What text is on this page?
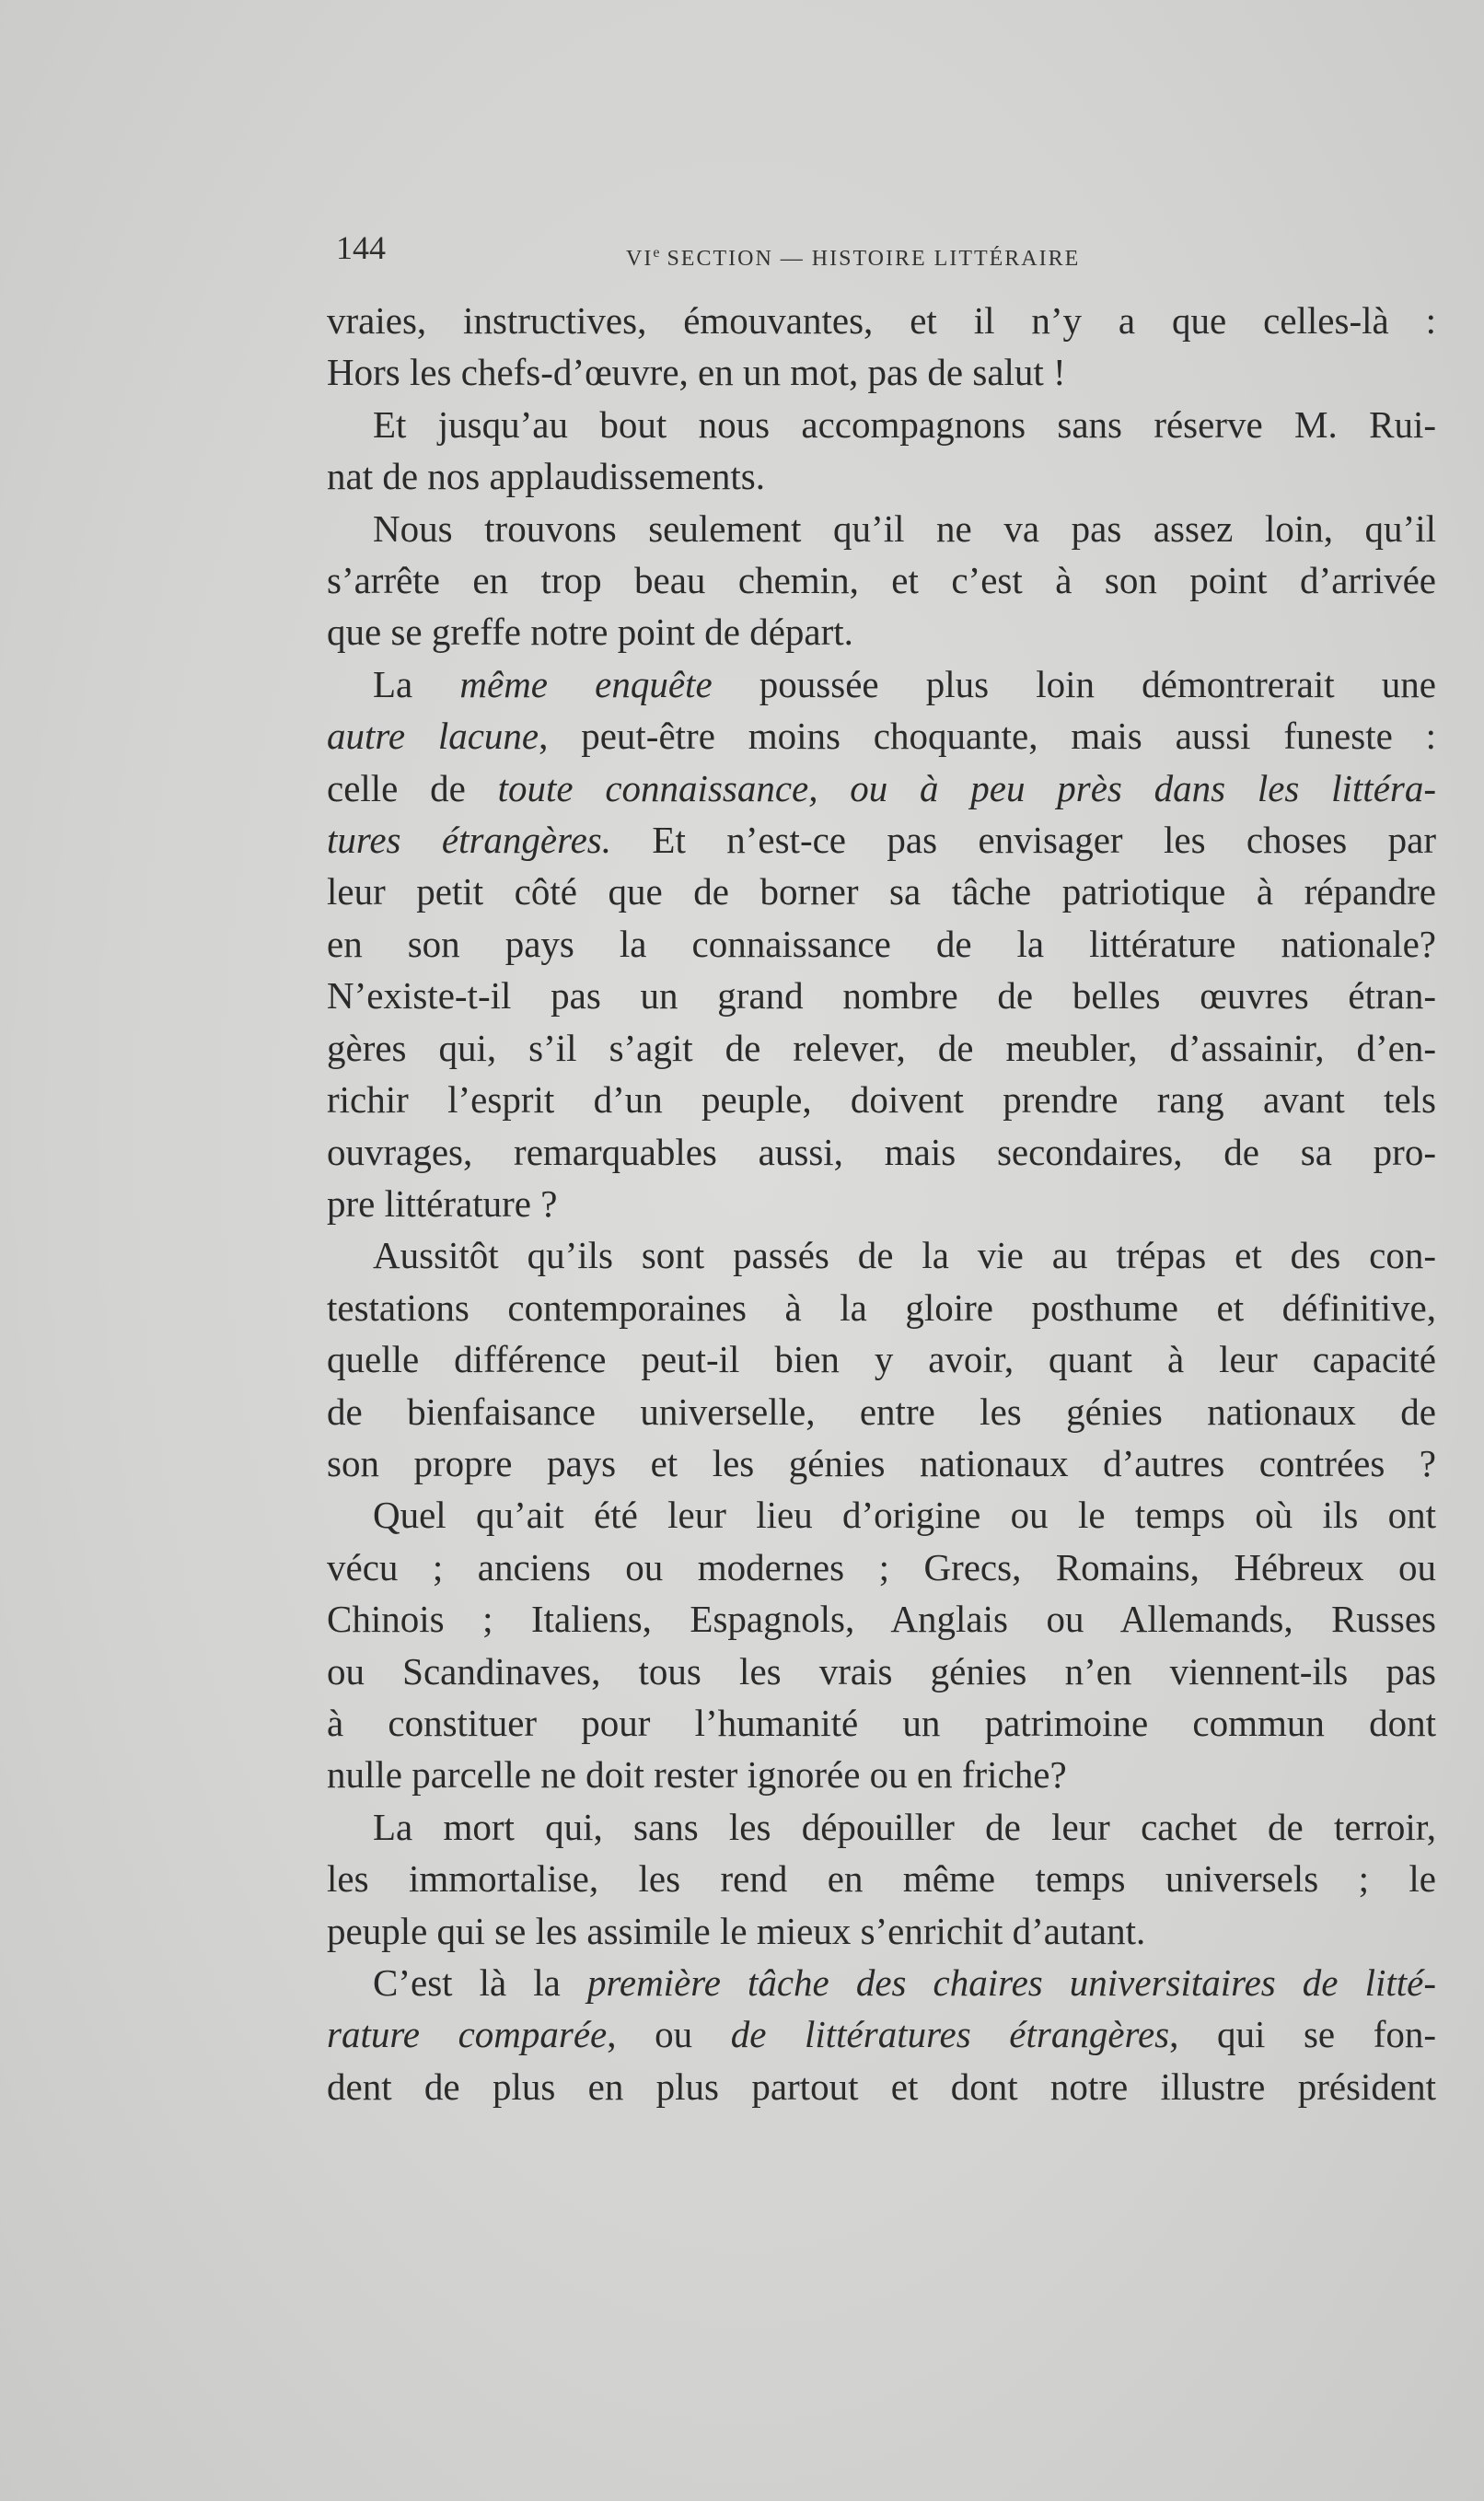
144	VIe SECTION — HISTOIRE LITTÉRAIRE
vraies, instructives, émouvantes, et il n’y a que celles-là :
Hors les chefs-d’œuvre, en un mot, pas de salut !
Et jusqu’au bout nous accompagnons sans réserve M. Rui-
nat de nos applaudissements.
Nous trouvons seulement qu’il ne va pas assez loin, qu’il
s’arrête en trop beau chemin, et c’est à son point d’arrivée
que se greffe notre point de départ.
La même enquête poussée plus loin démontrerait une
autre lacune, peut-être moins choquante, mais aussi funeste :
celle de toute connaissance, ou à peu près dans les littéra-
tures étrangères. Et n’est-ce pas envisager les choses par
leur petit côté que de borner sa tâche patriotique à répandre
en son pays la connaissance de la littérature nationale?
N’existe-t-il pas un grand nombre de belles œuvres étran-
gères qui, s’il s’agit de relever, de meubler, d’assainir, d’en-
richir l’esprit d’un peuple, doivent prendre rang avant tels
ouvrages, remarquables aussi, mais secondaires, de sa pro-
pre littérature ?
Aussitôt qu’ils sont passés de la vie au trépas et des con-
testations contemporaines à la gloire posthume et définitive,
quelle différence peut-il bien y avoir, quant à leur capacité
de bienfaisance universelle, entre les génies nationaux de
son propre pays et les génies nationaux d’autres contrées ?
Quel qu’ait été leur lieu d’origine ou le temps où ils ont
vécu ; anciens ou modernes ; Grecs, Romains, Hébreux ou
Chinois ; Italiens, Espagnols, Anglais ou Allemands, Russes
ou Scandinaves, tous les vrais génies n’en viennent-ils pas
à constituer pour l’humanité un patrimoine commun dont
nulle parcelle ne doit rester ignorée ou en friche?
La mort qui, sans les dépouiller de leur cachet de terroir,
les immortalise, les rend en même temps universels ; le
peuple qui se les assimile le mieux s’enrichit d’autant.
C’est là la première tâche des chaires universitaires de litté-
rature comparée, ou de littératures étrangères, qui se fon-
dent de plus en plus partout et dont notre illustre président
